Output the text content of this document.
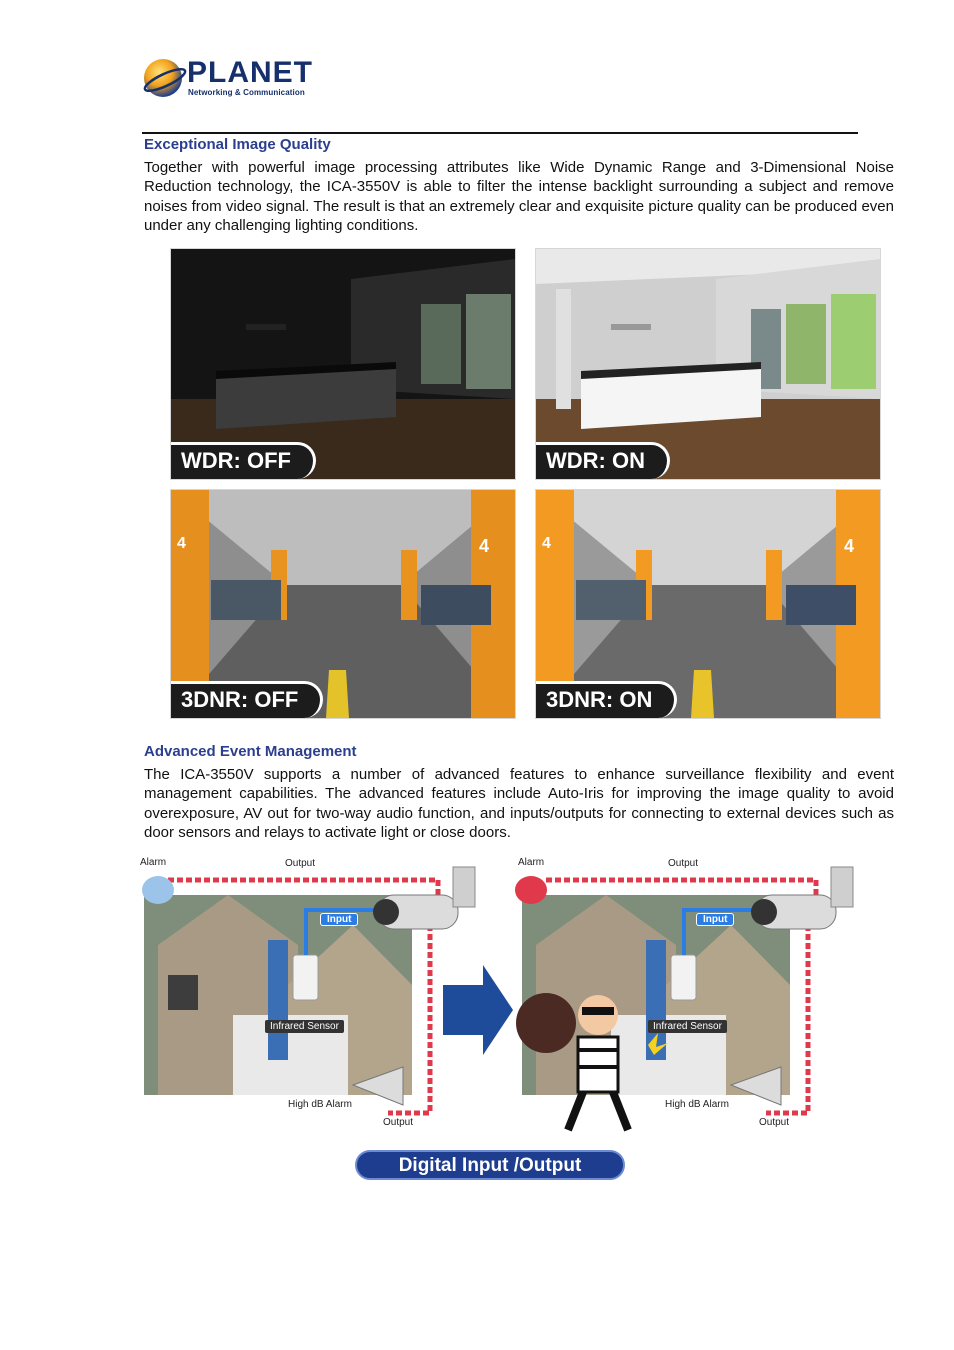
PLANET
Networking & Communication
Exceptional Image Quality

Together with powerful image processing attributes like Wide Dynamic Range and 3-Dimensional Noise Reduction technology, the ICA-3550V is able to filter the intense backlight surrounding a subject and remove noises from video signal. The result is that an extremely clear and exquisite picture quality can be produced even under any challenging lighting conditions.

WDR: OFF	WDR: ON
4	4
3DNR: OFF
4	4
3DNR: ON
Advanced Event Management

The ICA-3550V supports a number of advanced features to enhance surveillance flexibility and event management capabilities. The advanced features include Auto-Iris for improving the image quality to avoid overexposure, AV out for two-way audio function, and inputs/outputs for connecting to external devices such as door sensors and relays to activate light or close doors.

Alarm	Output
Input
Infrared Sensor
High dB Alarm
Output
Alarm	Output
Input
Infrared Sensor
High dB Alarm
Output
Digital Input /Output
